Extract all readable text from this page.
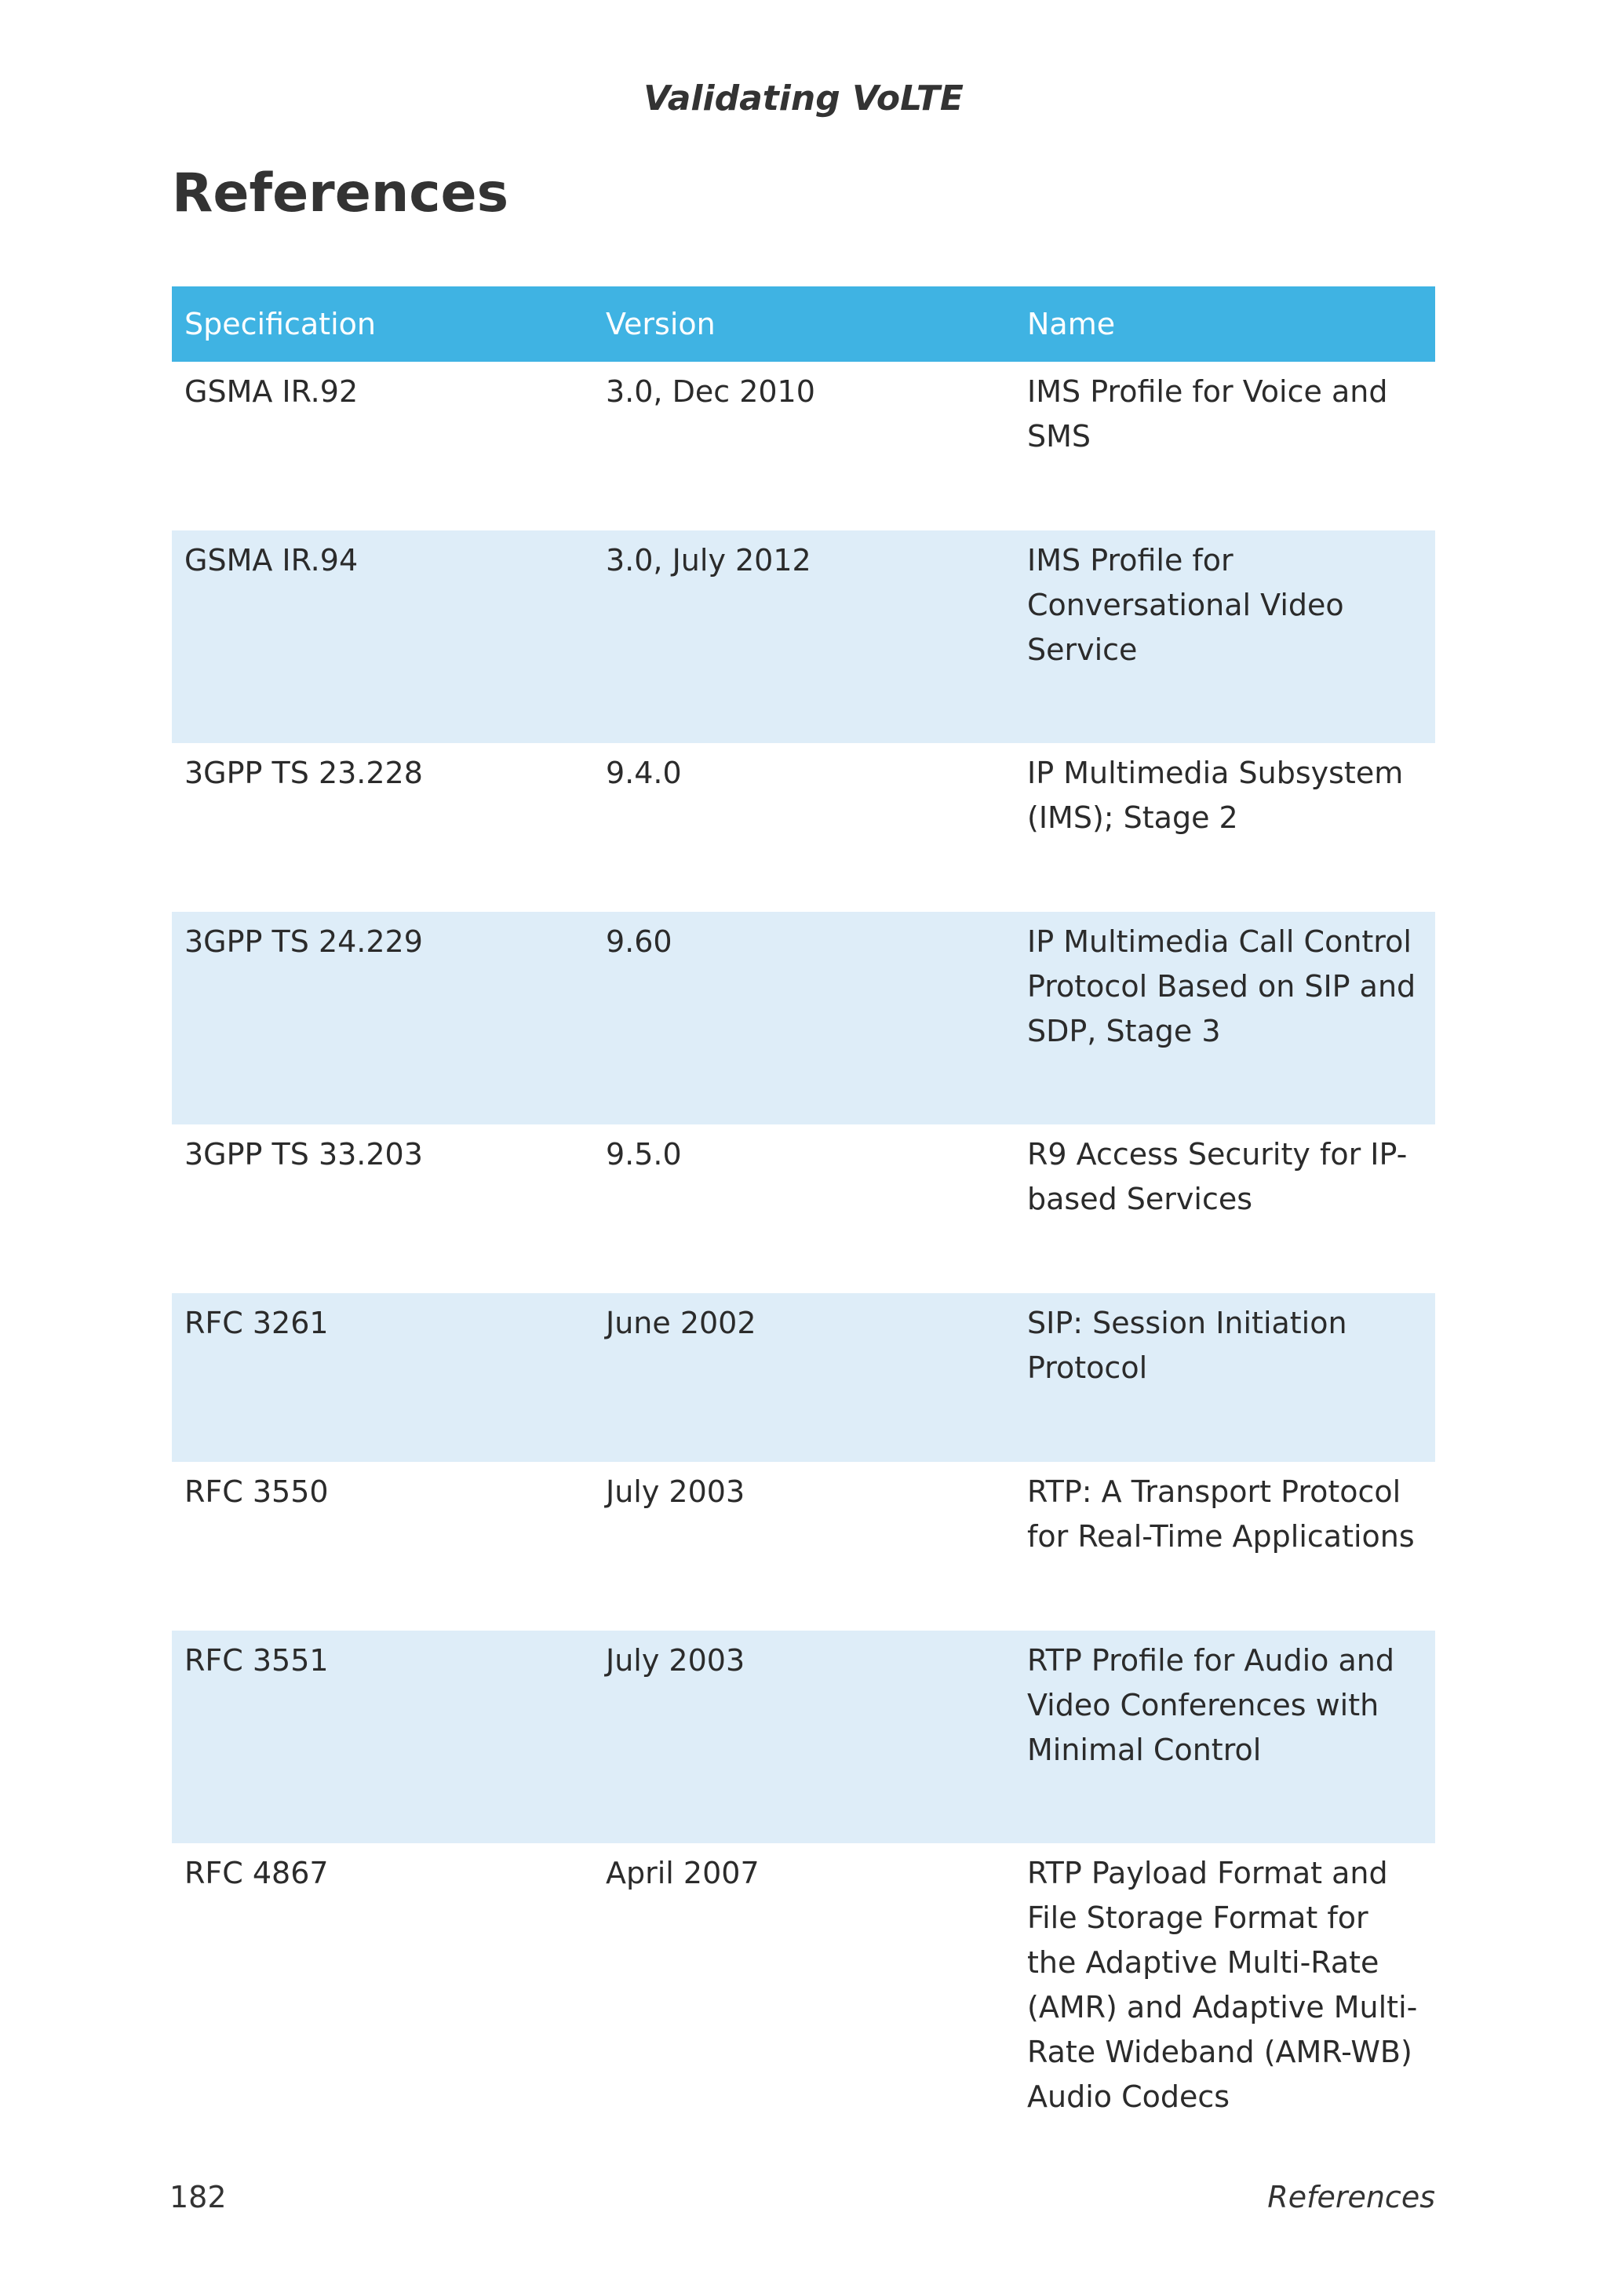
Validating VoLTE
References
Specification	Version	Name
GSMA IR.92	3.0, Dec 2010	IMS Profile for Voice and SMS
GSMA IR.94	3.0, July 2012	IMS Profile for Conversational Video Service
3GPP TS 23.228	9.4.0	IP Multimedia Subsystem (IMS); Stage 2
3GPP TS 24.229	9.60	IP Multimedia Call Control Protocol Based on SIP and SDP, Stage 3
3GPP TS 33.203	9.5.0	R9 Access Security for IP-based Services
RFC 3261	June 2002	SIP: Session Initiation Protocol
RFC 3550	July 2003	RTP: A Transport Protocol for Real-Time Applications
RFC 3551	July 2003	RTP Profile for Audio and Video Conferences with Minimal Control
RFC 4867	April 2007	RTP Payload Format and File Storage Format for the Adaptive Multi-Rate (AMR) and Adaptive Multi-Rate Wideband (AMR-WB) Audio Codecs
182	References
